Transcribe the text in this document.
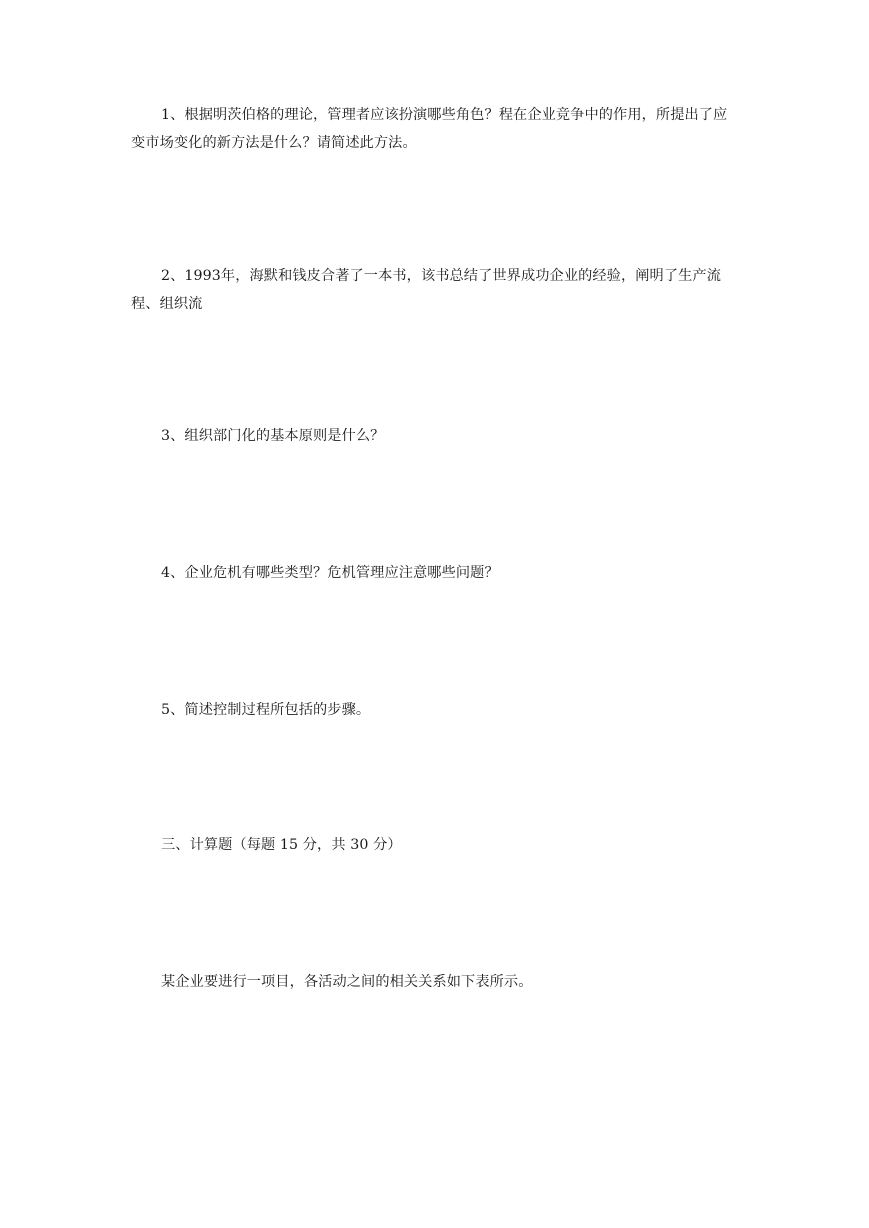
1、根据明茨伯格的理论，管理者应该扮演哪些角色？程在企业竞争中的作用，所提出了应变市场变化的新方法是什么？请简述此方法。

2、1993年，海默和钱皮合著了一本书，该书总结了世界成功企业的经验，阐明了生产流程、组织流

3、组织部门化的基本原则是什么？

4、企业危机有哪些类型？危机管理应注意哪些问题？

5、简述控制过程所包括的步骤。

三、计算题（每题 15 分，共 30 分）

某企业要进行一项目，各活动之间的相关关系如下表所示。
